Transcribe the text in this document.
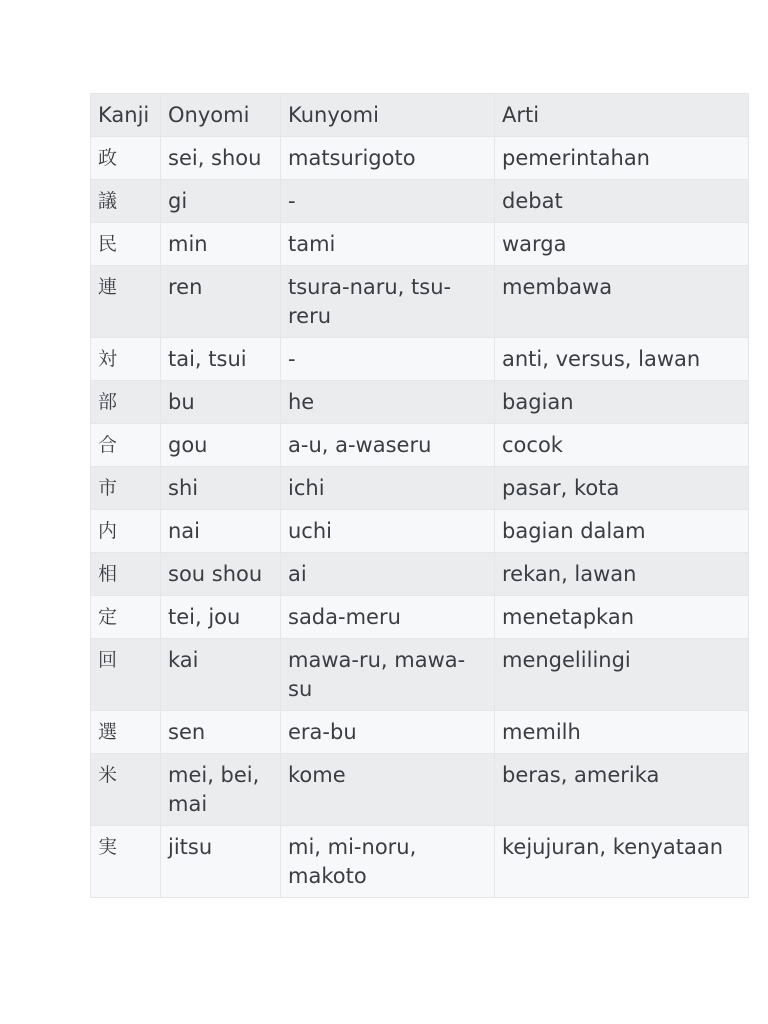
Kanji	Onyomi	Kunyomi	Arti
政	sei, shou	matsurigoto	pemerintahan
議	gi	-	debat
民	min	tami	warga
連	ren	tsura-naru, tsu-reru	membawa
対	tai, tsui	-	anti, versus, lawan
部	bu	he	bagian
合	gou	a-u, a-waseru	cocok
市	shi	ichi	pasar, kota
内	nai	uchi	bagian dalam
相	sou shou	ai	rekan, lawan
定	tei, jou	sada-meru	menetapkan
回	kai	mawa-ru, mawa-su	mengelilingi
選	sen	era-bu	memilh
米	mei, bei, mai	kome	beras, amerika
実	jitsu	mi, mi-noru, makoto	kejujuran, kenyataan
